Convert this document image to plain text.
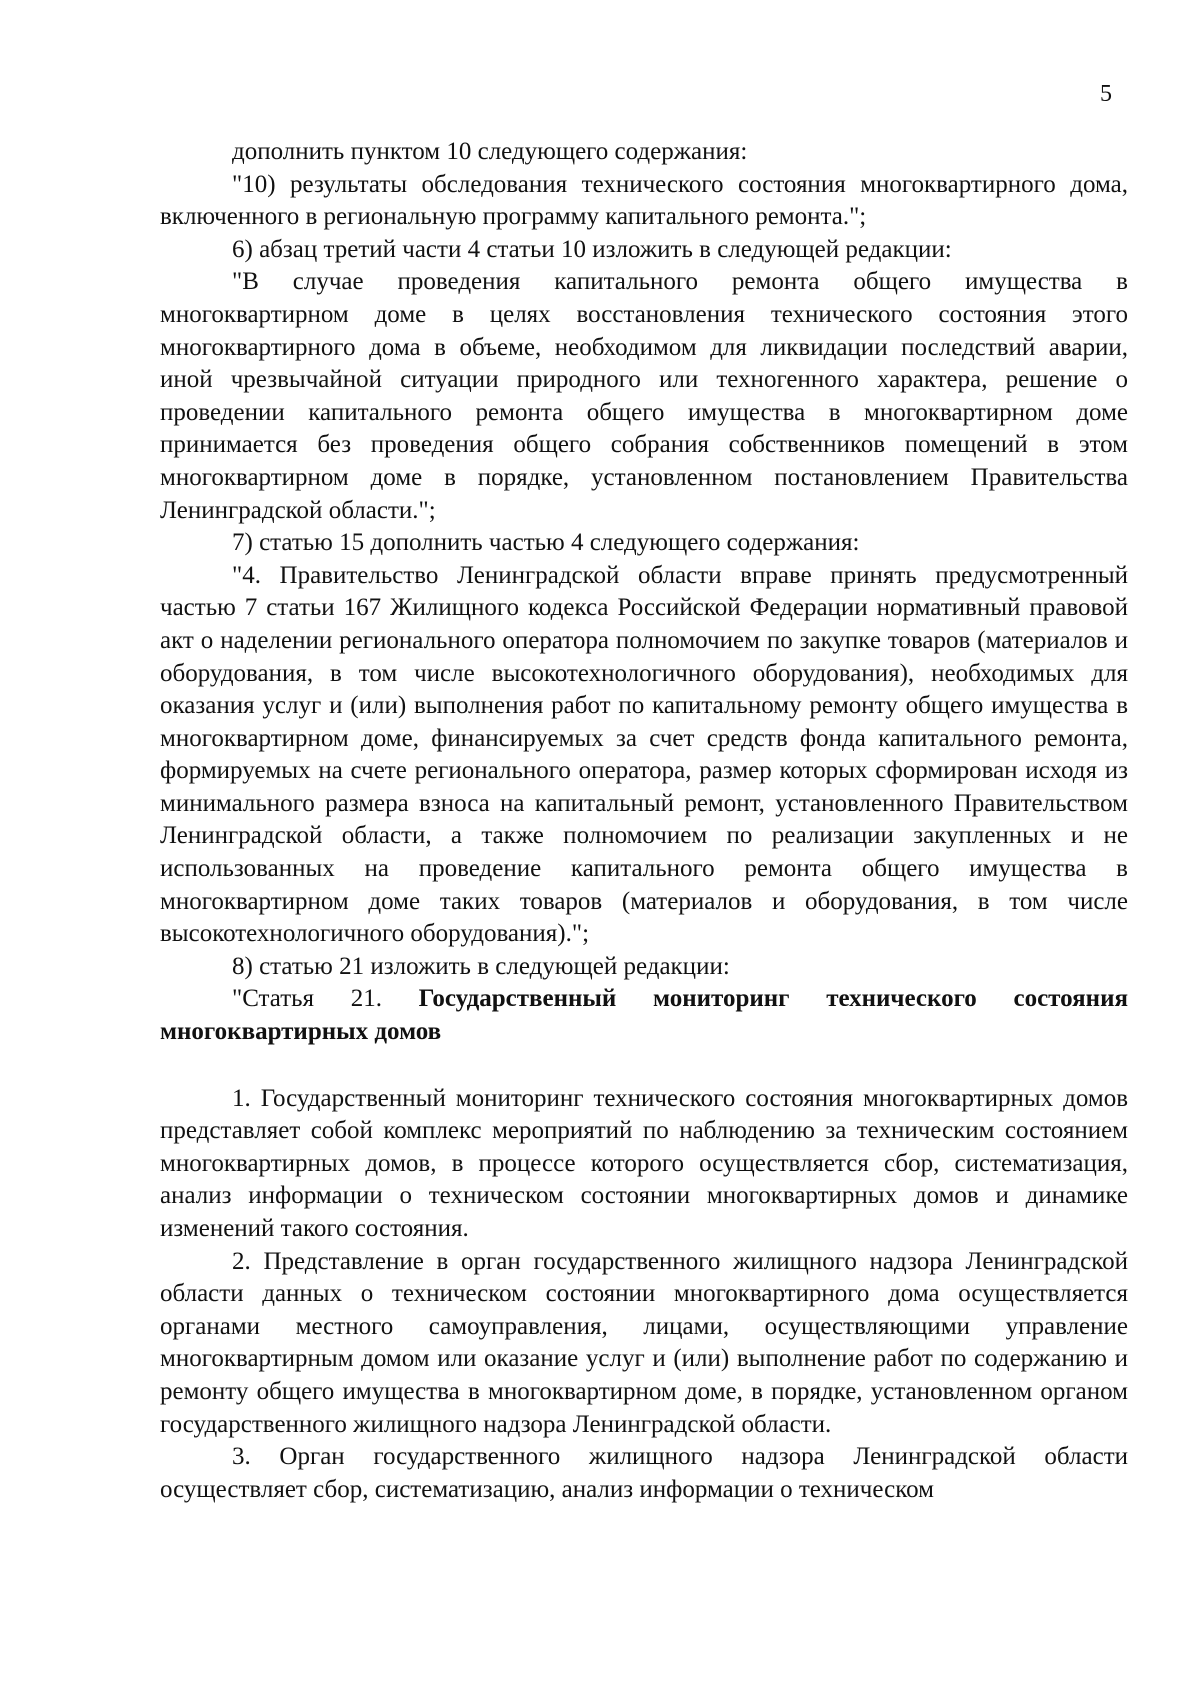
5

дополнить пунктом 10 следующего содержания:

"10) результаты обследования технического состояния многоквартирного дома, включенного в региональную программу капитального ремонта.";

6) абзац третий части 4 статьи 10 изложить в следующей редакции:

"В случае проведения капитального ремонта общего имущества в многоквартирном доме в целях восстановления технического состояния этого многоквартирного дома в объеме, необходимом для ликвидации последствий аварии, иной чрезвычайной ситуации природного или техногенного характера, решение о проведении капитального ремонта общего имущества в многоквартирном доме принимается без проведения общего собрания собственников помещений в этом многоквартирном доме в порядке, установленном постановлением Правительства Ленинградской области.";

7) статью 15 дополнить частью 4 следующего содержания:

"4. Правительство Ленинградской области вправе принять предусмотренный частью 7 статьи 167 Жилищного кодекса Российской Федерации нормативный правовой акт о наделении регионального оператора полномочием по закупке товаров (материалов и оборудования, в том числе высокотехнологичного оборудования), необходимых для оказания услуг и (или) выполнения работ по капитальному ремонту общего имущества в многоквартирном доме, финансируемых за счет средств фонда капитального ремонта, формируемых на счете регионального оператора, размер которых сформирован исходя из минимального размера взноса на капитальный ремонт, установленного Правительством Ленинградской области, а также полномочием по реализации закупленных и не использованных на проведение капитального ремонта общего имущества в многоквартирном доме таких товаров (материалов и оборудования, в том числе высокотехнологичного оборудования).";

8) статью 21 изложить в следующей редакции:

"Статья 21. Государственный мониторинг технического состояния многоквартирных домов

1. Государственный мониторинг технического состояния многоквартирных домов представляет собой комплекс мероприятий по наблюдению за техническим состоянием многоквартирных домов, в процессе которого осуществляется сбор, систематизация, анализ информации о техническом состоянии многоквартирных домов и динамике изменений такого состояния.

2. Представление в орган государственного жилищного надзора Ленинградской области данных о техническом состоянии многоквартирного дома осуществляется органами местного самоуправления, лицами, осуществляющими управление многоквартирным домом или оказание услуг и (или) выполнение работ по содержанию и ремонту общего имущества в многоквартирном доме, в порядке, установленном органом государственного жилищного надзора Ленинградской области.

3. Орган государственного жилищного надзора Ленинградской области осуществляет сбор, систематизацию, анализ информации о техническом
